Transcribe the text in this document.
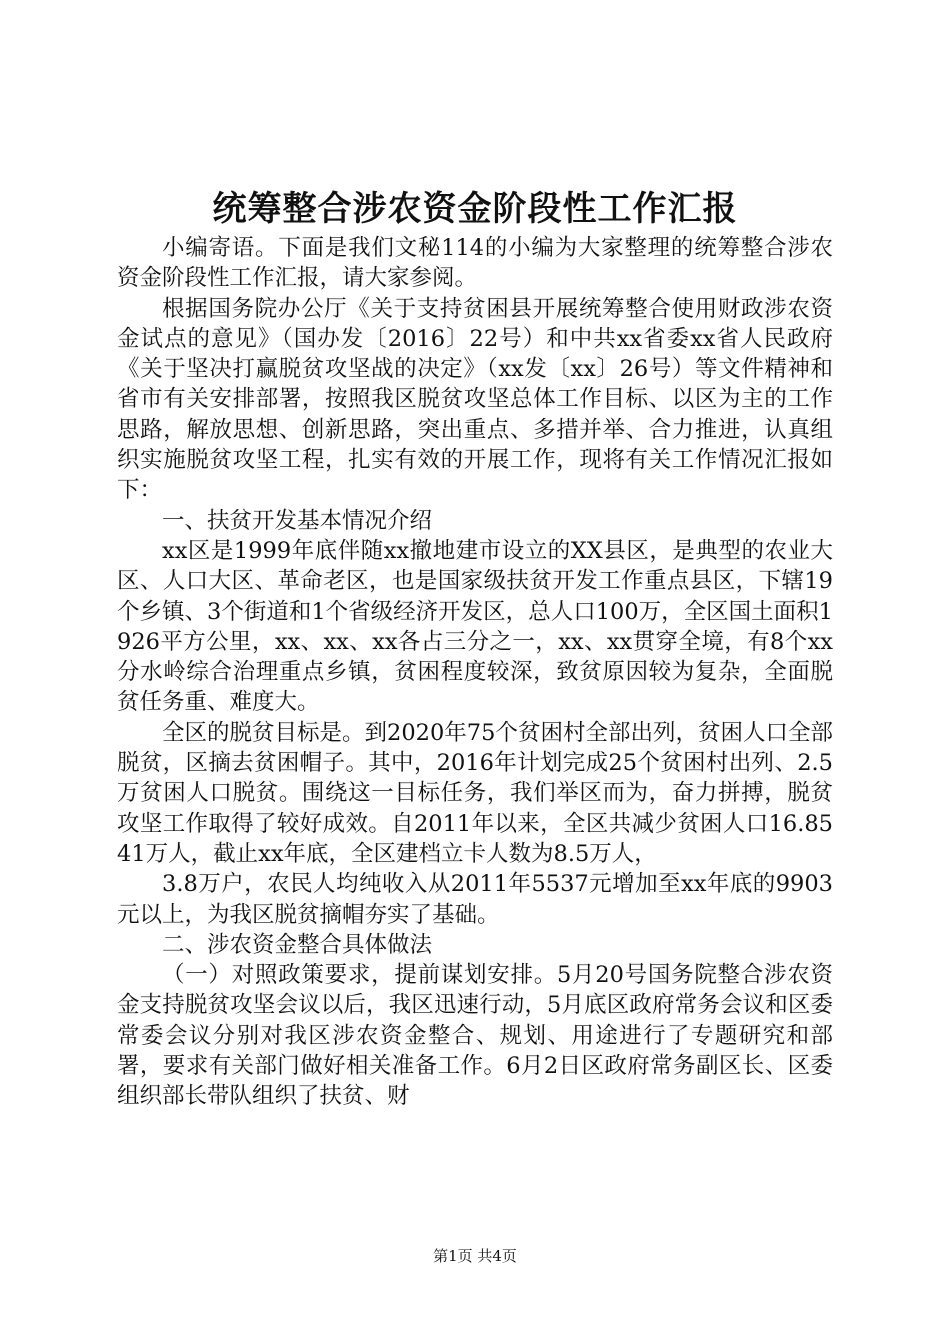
统筹整合涉农资金阶段性工作汇报

小编寄语。下面是我们文秘114的小编为大家整理的统筹整合涉农资金阶段性工作汇报，请大家参阅。

根据国务院办公厅《关于支持贫困县开展统筹整合使用财政涉农资金试点的意见》（国办发〔2016〕22号）和中共xx省委xx省人民政府《关于坚决打赢脱贫攻坚战的决定》（xx发〔xx〕26号）等文件精神和省市有关安排部署，按照我区脱贫攻坚总体工作目标、以区为主的工作思路，解放思想、创新思路，突出重点、多措并举、合力推进，认真组织实施脱贫攻坚工程，扎实有效的开展工作，现将有关工作情况汇报如下：

一、扶贫开发基本情况介绍

xx区是1999年底伴随xx撤地建市设立的XX县区，是典型的农业大区、人口大区、革命老区，也是国家级扶贫开发工作重点县区，下辖19个乡镇、3个街道和1个省级经济开发区，总人口100万，全区国土面积1926平方公里，xx、xx、xx各占三分之一，xx、xx贯穿全境，有8个xx分水岭综合治理重点乡镇，贫困程度较深，致贫原因较为复杂，全面脱贫任务重、难度大。

全区的脱贫目标是。到2020年75个贫困村全部出列，贫困人口全部脱贫，区摘去贫困帽子。其中，2016年计划完成25个贫困村出列、2.5万贫困人口脱贫。围绕这一目标任务，我们举区而为，奋力拼搏，脱贫攻坚工作取得了较好成效。自2011年以来，全区共减少贫困人口16.8541万人，截止xx年底，全区建档立卡人数为8.5万人，

3.8万户，农民人均纯收入从2011年5537元增加至xx年底的9903元以上，为我区脱贫摘帽夯实了基础。

二、涉农资金整合具体做法

（一）对照政策要求，提前谋划安排。5月20号国务院整合涉农资金支持脱贫攻坚会议以后，我区迅速行动，5月底区政府常务会议和区委常委会议分别对我区涉农资金整合、规划、用途进行了专题研究和部署，要求有关部门做好相关准备工作。6月2日区政府常务副区长、区委组织部长带队组织了扶贫、财

第1页 共4页
